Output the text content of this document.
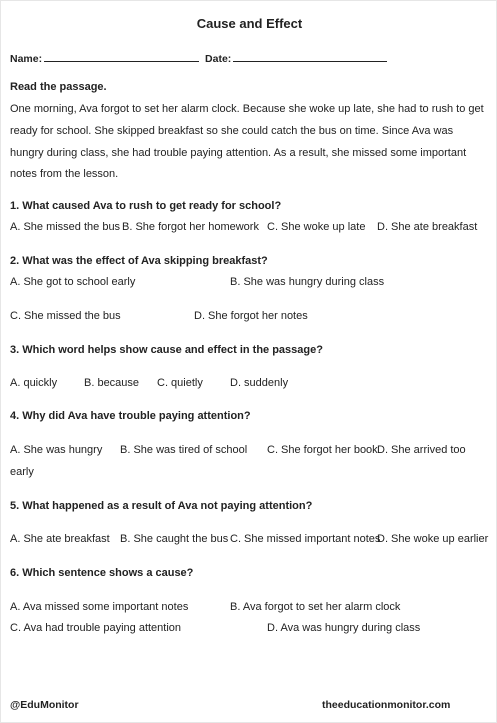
Cause and Effect
Name:	Date:
Read the passage.
One morning, Ava forgot to set her alarm clock. Because she woke up late, she had to rush to get ready for school. She skipped breakfast so she could catch the bus on time. Since Ava was hungry during class, she had trouble paying attention. As a result, she missed some important notes from the lesson.
1. What caused Ava to rush to get ready for school?
A. She missed the bus B. She forgot her homework C. She woke up late D. She ate breakfast
2. What was the effect of Ava skipping breakfast?
A. She got to school early	B. She was hungry during class
C. She missed the bus	D. She forgot her notes
3. Which word helps show cause and effect in the passage?
A. quickly B. because C. quietly D. suddenly
4. Why did Ava have trouble paying attention?
A. She was hungry B. She was tired of school C. She forgot her book D. She arrived too
early
5. What happened as a result of Ava not paying attention?
A. She ate breakfast B. She caught the bus C. She missed important notes
D. She woke up earlier
6. Which sentence shows a cause?
A. Ava missed some important notes	B. Ava forgot to set her alarm clock
C. Ava had trouble paying attention	D. Ava was hungry during class
@EduMonitor	theeducationmonitor.com
